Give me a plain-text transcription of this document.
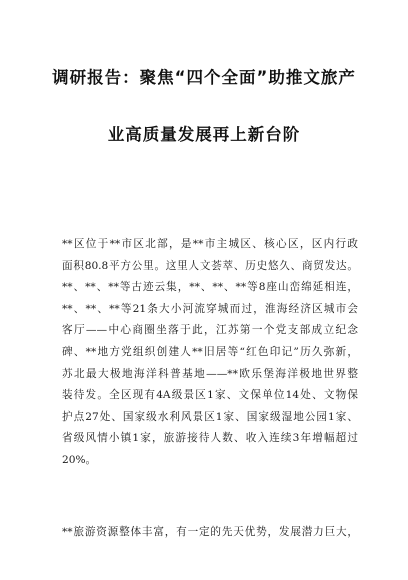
调研报告：聚焦“四个全面”助推文旅产
业高质量发展再上新台阶
**区位于**市区北部，是**市主城区、核心区，区内行政
面积80.8平方公里。这里人文荟萃、历史悠久、商贸发达。
**、**、**等古迹云集，**、**、**等8座山峦绵延相连，
**、**、**等21条大小河流穿城而过，淮海经济区城市会
客厅——中心商圈坐落于此，江苏第一个党支部成立纪念
碑、**地方党组织创建人**旧居等“红色印记”历久弥新，
苏北最大极地海洋科普基地——**欧乐堡海洋极地世界整
装待发。全区现有4A级景区1家、文保单位14处、文物保
护点27处、国家级水利风景区1家、国家级湿地公园1家、
省级风情小镇1家，旅游接待人数、收入连续3年增幅超过
20%。
**旅游资源整体丰富，有一定的先天优势，发展潜力巨大，
